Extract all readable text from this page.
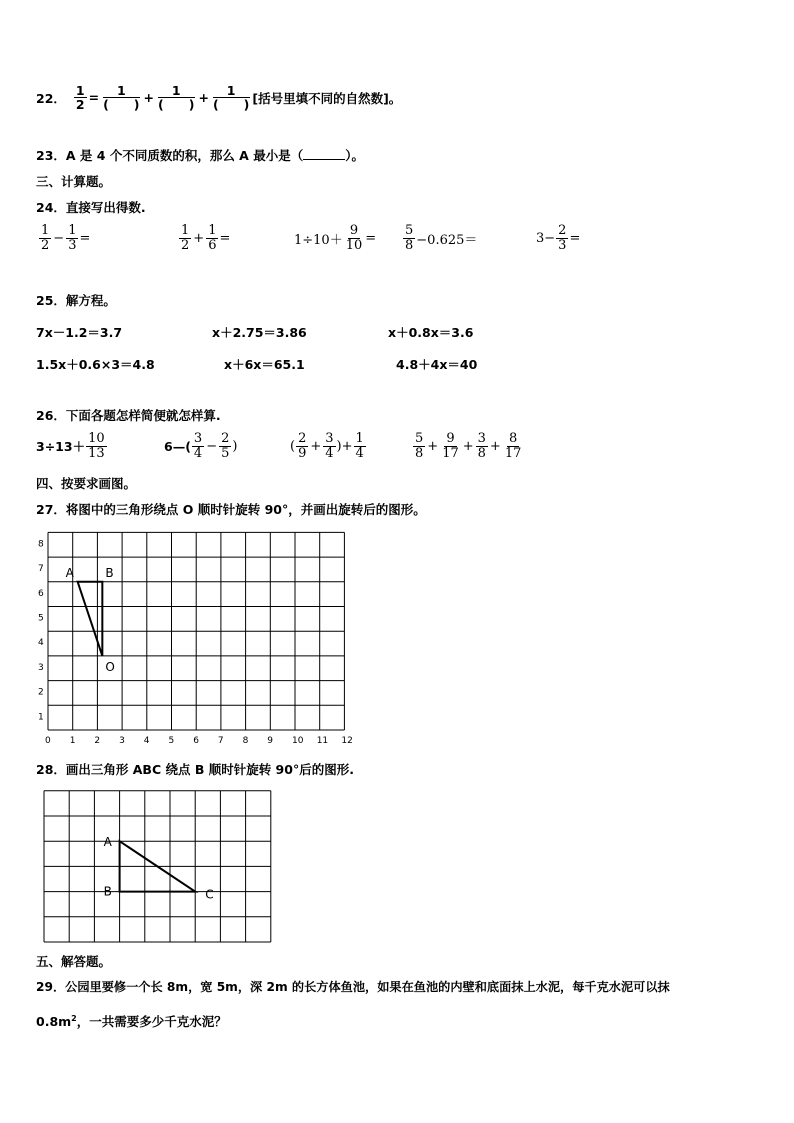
22． $\frac{1}{2} = \frac{1}{( )} + \frac{1}{( )} + \frac{1}{( )}$ [括号里填不同的自然数]。
23．A 是 4 个不同质数的积，那么 A 最小是（	）。
三、计算题。
24．直接写出得数.
$\frac{1}{2} - \frac{1}{3}$ =	$\frac{1}{2} + \frac{1}{6}$ =	$1\div 10+ \frac{9}{10} = \frac{5}{8} -0.625=$	$3- \frac{2}{3}$ =
25．解方程。
7x－1.2＝3.7	x＋2.75＝3.86	x＋0.8x＝3.6
1.5x＋0.6×3＝4.8	x＋6x＝65.1	4.8＋4x＝40
26．下面各题怎样简便就怎样算.
$3\div 13+ \frac{10}{13}$	6—( $\frac{3}{4} - \frac{2}{5}$ )	( $\frac{2}{9} + \frac{3}{4}$ )+ $\frac{1}{4}$	$\frac{5}{8} + \frac{9}{17} + \frac{3}{8} + \frac{8}{17}$
四、按要求画图。
27．将图中的三角形绕点 O 顺时针旋转 90°，并画出旋转后的图形。
0 1 2 3 4 5 6 7 8 9 10 11 12
1
2
3
4
5
6
7
8
A	B
O
28．画出三角形 ABC 绕点 B 顺时针旋转 90°后的图形.
A
B	C
五、解答题。
29．公园里要修一个长 8m，宽 5m，深 2m 的长方体鱼池，如果在鱼池的内壁和底面抹上水泥，每千克水泥可以抹
$0.8m^2$，一共需要多少千克水泥？
